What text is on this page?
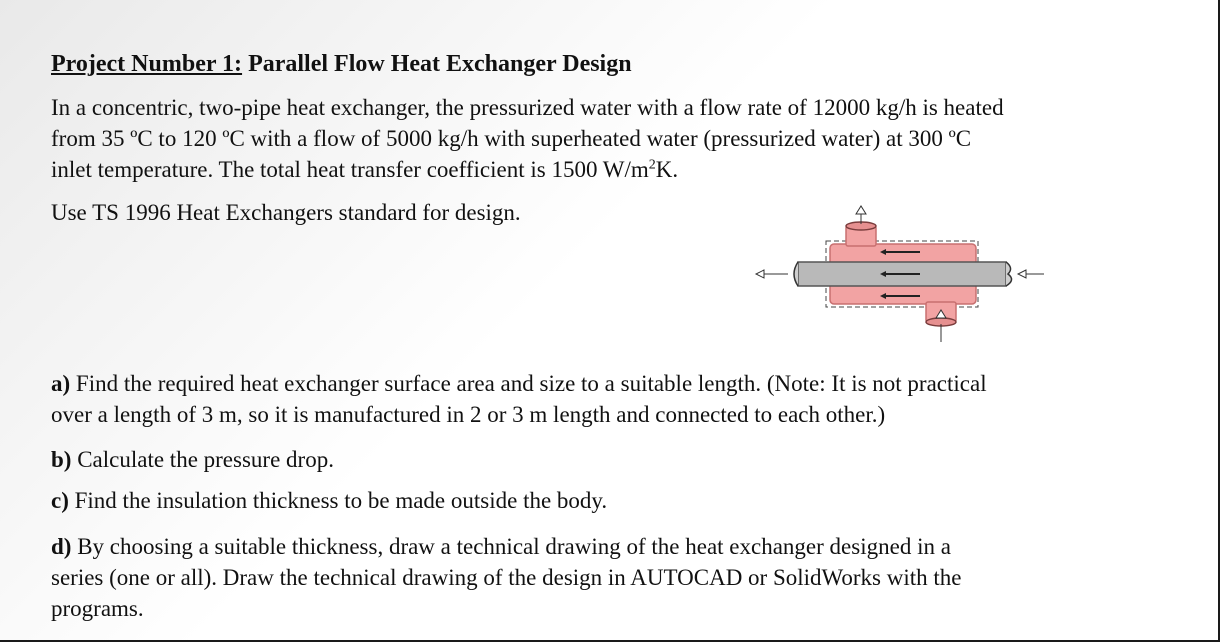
Project Number 1: Parallel Flow Heat Exchanger Design

In a concentric, two-pipe heat exchanger, the pressurized water with a flow rate of 12000 kg/h is heated

from 35 ºC to 120 ºC with a flow of 5000 kg/h with superheated water (pressurized water) at 300 ºC

inlet temperature. The total heat transfer coefficient is 1500 $W/m^2K$.

Use TS 1996 Heat Exchangers standard for design.

a) Find the required heat exchanger surface area and size to a suitable length. (Note: It is not practical

over a length of 3 m, so it is manufactured in 2 or 3 m length and connected to each other.)

b) Calculate the pressure drop.

c) Find the insulation thickness to be made outside the body.

d) By choosing a suitable thickness, draw a technical drawing of the heat exchanger designed in a

series (one or all). Draw the technical drawing of the design in AUTOCAD or SolidWorks with the

programs.
